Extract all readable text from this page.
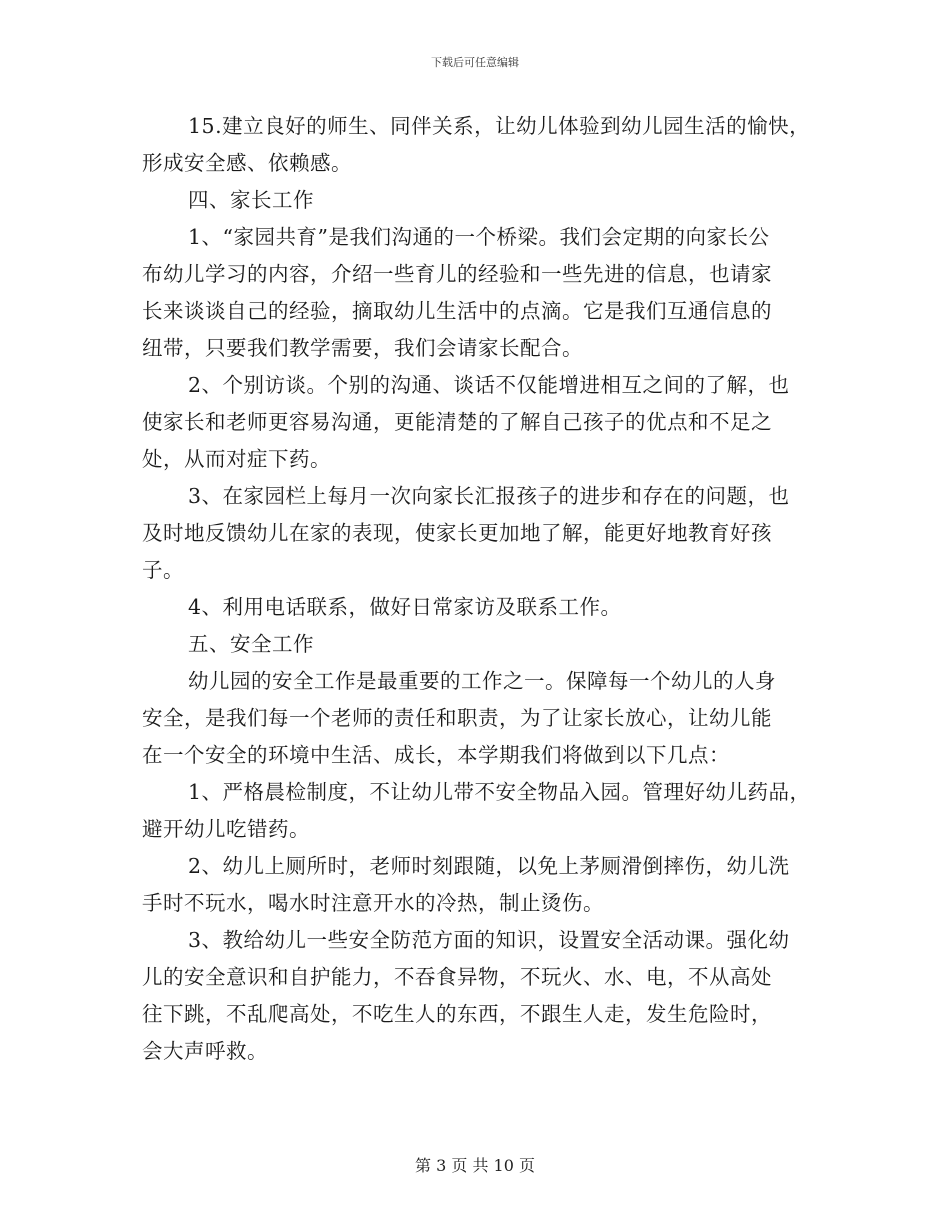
下载后可任意编辑
15.建立良好的师生、同伴关系，让幼儿体验到幼儿园生活的愉快，
形成安全感、依赖感。
四、家长工作
1、“家园共育”是我们沟通的一个桥梁。我们会定期的向家长公
布幼儿学习的内容，介绍一些育儿的经验和一些先进的信息，也请家
长来谈谈自己的经验，摘取幼儿生活中的点滴。它是我们互通信息的
纽带，只要我们教学需要，我们会请家长配合。
2、个别访谈。个别的沟通、谈话不仅能增进相互之间的了解，也
使家长和老师更容易沟通，更能清楚的了解自己孩子的优点和不足之
处，从而对症下药。
3、在家园栏上每月一次向家长汇报孩子的进步和存在的问题，也
及时地反馈幼儿在家的表现，使家长更加地了解，能更好地教育好孩
子。
4、利用电话联系，做好日常家访及联系工作。
五、安全工作
幼儿园的安全工作是最重要的工作之一。保障每一个幼儿的人身
安全，是我们每一个老师的责任和职责，为了让家长放心，让幼儿能
在一个安全的环境中生活、成长，本学期我们将做到以下几点：
1、严格晨检制度，不让幼儿带不安全物品入园。管理好幼儿药品，
避开幼儿吃错药。
2、幼儿上厕所时，老师时刻跟随，以免上茅厕滑倒摔伤，幼儿洗
手时不玩水，喝水时注意开水的冷热，制止烫伤。
3、教给幼儿一些安全防范方面的知识，设置安全活动课。强化幼
儿的安全意识和自护能力，不吞食异物，不玩火、水、电，不从高处
往下跳，不乱爬高处，不吃生人的东西，不跟生人走，发生危险时，
会大声呼救。
第 3 页 共 10 页
